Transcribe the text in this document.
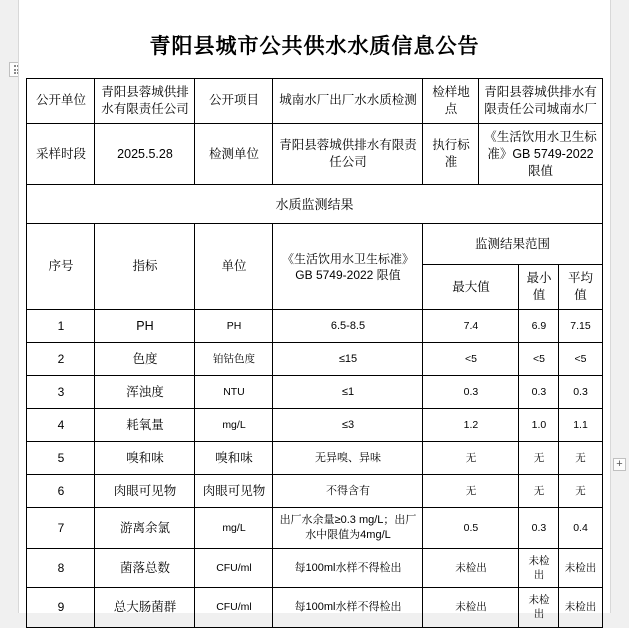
+
青阳县城市公共供水水质信息公告
公开单位	青阳县蓉城供排水有限责任公司	公开项目	城南水厂出厂水水质检测	检样地点	青阳县蓉城供排水有限责任公司城南水厂		
采样时段	2025.5.28	检测单位	青阳县蓉城供排水有限责任公司	执行标准	《生活饮用水卫生标准》GB 5749-2022 限值		
水质监测结果							
序号	指标	单位	《生活饮用水卫生标准》GB 5749-2022 限值	监测结果范围			
				最大值		最小值	平均值
1	PH	PH	6.5-8.5	7.4		6.9	7.15
2	色度	铂钴色度	≤15	<5		<5	<5
3	浑浊度	NTU	≤1	0.3		0.3	0.3
4	耗氧量	mg/L	≤3	1.2		1.0	1.1
5	嗅和味	嗅和味	无异嗅、异味	无		无	无
6	肉眼可见物	肉眼可见物	不得含有	无		无	无
7	游离余氯	mg/L	出厂水余量≥0.3 mg/L；出厂水中限值为4mg/L	0.5		0.3	0.4
8	菌落总数	CFU/ml	每100ml水样不得检出	未检出		未检出	未检出
9	总大肠菌群	CFU/ml	每100ml水样不得检出	未检出		未检出	未检出
